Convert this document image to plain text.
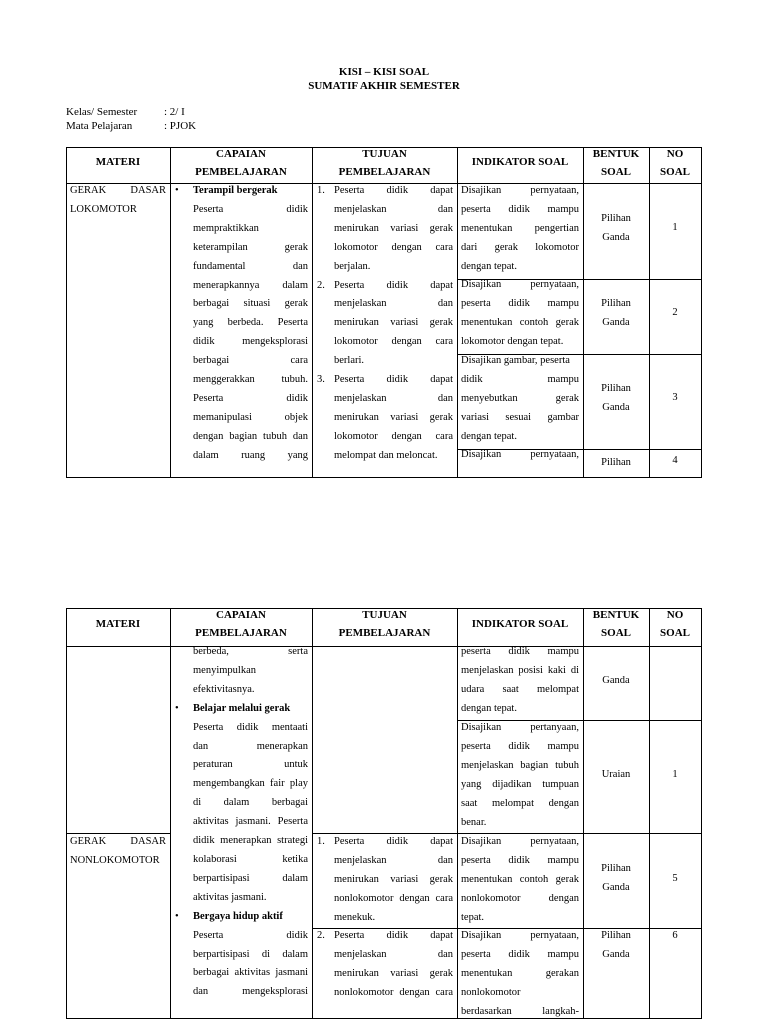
KISI – KISI SOAL
SUMATIF AKHIR SEMESTER
Kelas/ Semester : 2/ I
Mata Pelajaran	: PJOK
MATERI
CAPAIAN
PEMBELAJARAN
TUJUAN
PEMBELAJARAN
INDIKATOR SOAL
BENTUK
SOAL
NO
SOAL
GERAK DASAR
LOKOMOTOR
• Terampil bergerak
Peserta didik
mempraktikkan
keterampilan gerak
fundamental dan
menerapkannya dalam
berbagai situasi gerak
yang berbeda. Peserta
didik mengeksplorasi
berbagai cara
menggerakkan tubuh.
Peserta didik
memanipulasi objek
dengan bagian tubuh dan
dalam ruang yang
1. Peserta didik dapat
menjelaskan dan
menirukan variasi gerak
lokomotor dengan cara
berjalan.
2. Peserta didik dapat
menjelaskan dan
menirukan variasi gerak
lokomotor dengan cara
berlari.
3. Peserta didik dapat
menjelaskan dan
menirukan variasi gerak
lokomotor dengan cara
melompat dan meloncat.
Disajikan pernyataan,
peserta didik mampu
menentukan pengertian
dari gerak lokomotor
dengan tepat.
Disajikan pernyataan,
peserta didik mampu
menentukan contoh gerak
lokomotor dengan tepat.
Disajikan gambar, peserta
didik mampu
menyebutkan gerak
variasi sesuai gambar
dengan tepat.
Disajikan pernyataan,
Pilihan
Ganda
Pilihan
Ganda
Pilihan
Ganda
Pilihan
1
2
3
4
MATERI
CAPAIAN
PEMBELAJARAN
TUJUAN
PEMBELAJARAN
INDIKATOR SOAL
BENTUK
SOAL
NO
SOAL
berbeda, serta
menyimpulkan
efektivitasnya.
• Belajar melalui gerak
Peserta didik mentaati
dan menerapkan
peraturan untuk
mengembangkan fair play
di dalam berbagai
aktivitas jasmani. Peserta
didik menerapkan strategi
kolaborasi ketika
berpartisipasi dalam
aktivitas jasmani.
• Bergaya hidup aktif
Peserta didik
berpartisipasi di dalam
berbagai aktivitas jasmani
dan mengeksplorasi
GERAK DASAR
NONLOKOMOTOR
1. Peserta didik dapat
menjelaskan dan
menirukan variasi gerak
nonlokomotor dengan cara
menekuk.
2. Peserta didik dapat
menjelaskan dan
menirukan variasi gerak
nonlokomotor dengan cara
peserta didik mampu
menjelaskan posisi kaki di
udara saat melompat
dengan tepat.
Disajikan pertanyaan,
peserta didik mampu
menjelaskan bagian tubuh
yang dijadikan tumpuan
saat melompat dengan
benar.
Disajikan pernyataan,
peserta didik mampu
menentukan contoh gerak
nonlokomotor dengan
tepat.
Disajikan pernyataan,
peserta didik mampu
menentukan gerakan
nonlokomotor
berdasarkan langkah-
Ganda
Uraian
Pilihan
Ganda
Pilihan
Ganda
1
5
6
